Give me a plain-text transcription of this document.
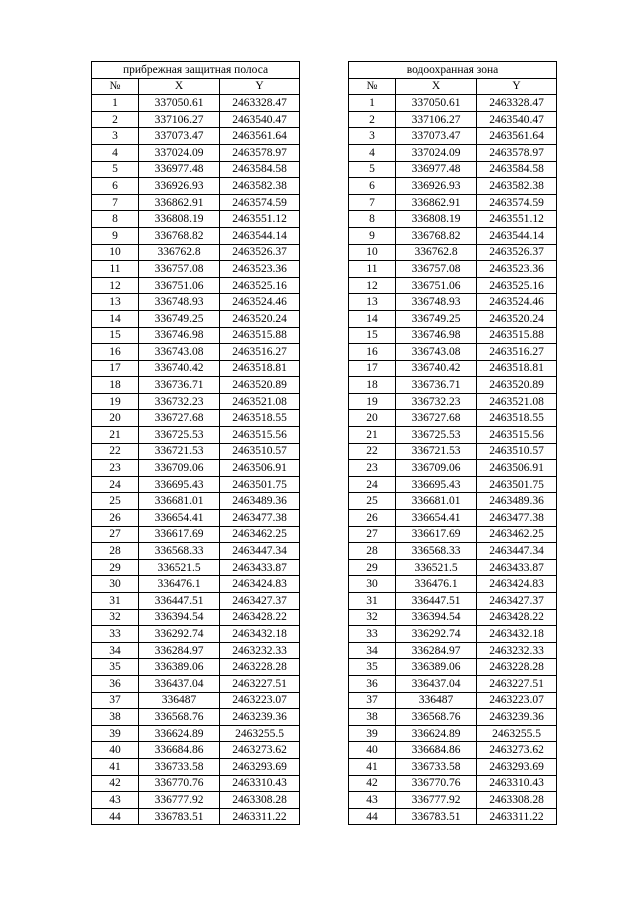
прибрежная защитная полоса		
№	X	Y
1	337050.61	2463328.47
2	337106.27	2463540.47
3	337073.47	2463561.64
4	337024.09	2463578.97
5	336977.48	2463584.58
6	336926.93	2463582.38
7	336862.91	2463574.59
8	336808.19	2463551.12
9	336768.82	2463544.14
10	336762.8	2463526.37
11	336757.08	2463523.36
12	336751.06	2463525.16
13	336748.93	2463524.46
14	336749.25	2463520.24
15	336746.98	2463515.88
16	336743.08	2463516.27
17	336740.42	2463518.81
18	336736.71	2463520.89
19	336732.23	2463521.08
20	336727.68	2463518.55
21	336725.53	2463515.56
22	336721.53	2463510.57
23	336709.06	2463506.91
24	336695.43	2463501.75
25	336681.01	2463489.36
26	336654.41	2463477.38
27	336617.69	2463462.25
28	336568.33	2463447.34
29	336521.5	2463433.87
30	336476.1	2463424.83
31	336447.51	2463427.37
32	336394.54	2463428.22
33	336292.74	2463432.18
34	336284.97	2463232.33
35	336389.06	2463228.28
36	336437.04	2463227.51
37	336487	2463223.07
38	336568.76	2463239.36
39	336624.89	2463255.5
40	336684.86	2463273.62
41	336733.58	2463293.69
42	336770.76	2463310.43
43	336777.92	2463308.28
44	336783.51	2463311.22
водоохранная зона		
№	X	Y
1	337050.61	2463328.47
2	337106.27	2463540.47
3	337073.47	2463561.64
4	337024.09	2463578.97
5	336977.48	2463584.58
6	336926.93	2463582.38
7	336862.91	2463574.59
8	336808.19	2463551.12
9	336768.82	2463544.14
10	336762.8	2463526.37
11	336757.08	2463523.36
12	336751.06	2463525.16
13	336748.93	2463524.46
14	336749.25	2463520.24
15	336746.98	2463515.88
16	336743.08	2463516.27
17	336740.42	2463518.81
18	336736.71	2463520.89
19	336732.23	2463521.08
20	336727.68	2463518.55
21	336725.53	2463515.56
22	336721.53	2463510.57
23	336709.06	2463506.91
24	336695.43	2463501.75
25	336681.01	2463489.36
26	336654.41	2463477.38
27	336617.69	2463462.25
28	336568.33	2463447.34
29	336521.5	2463433.87
30	336476.1	2463424.83
31	336447.51	2463427.37
32	336394.54	2463428.22
33	336292.74	2463432.18
34	336284.97	2463232.33
35	336389.06	2463228.28
36	336437.04	2463227.51
37	336487	2463223.07
38	336568.76	2463239.36
39	336624.89	2463255.5
40	336684.86	2463273.62
41	336733.58	2463293.69
42	336770.76	2463310.43
43	336777.92	2463308.28
44	336783.51	2463311.22
